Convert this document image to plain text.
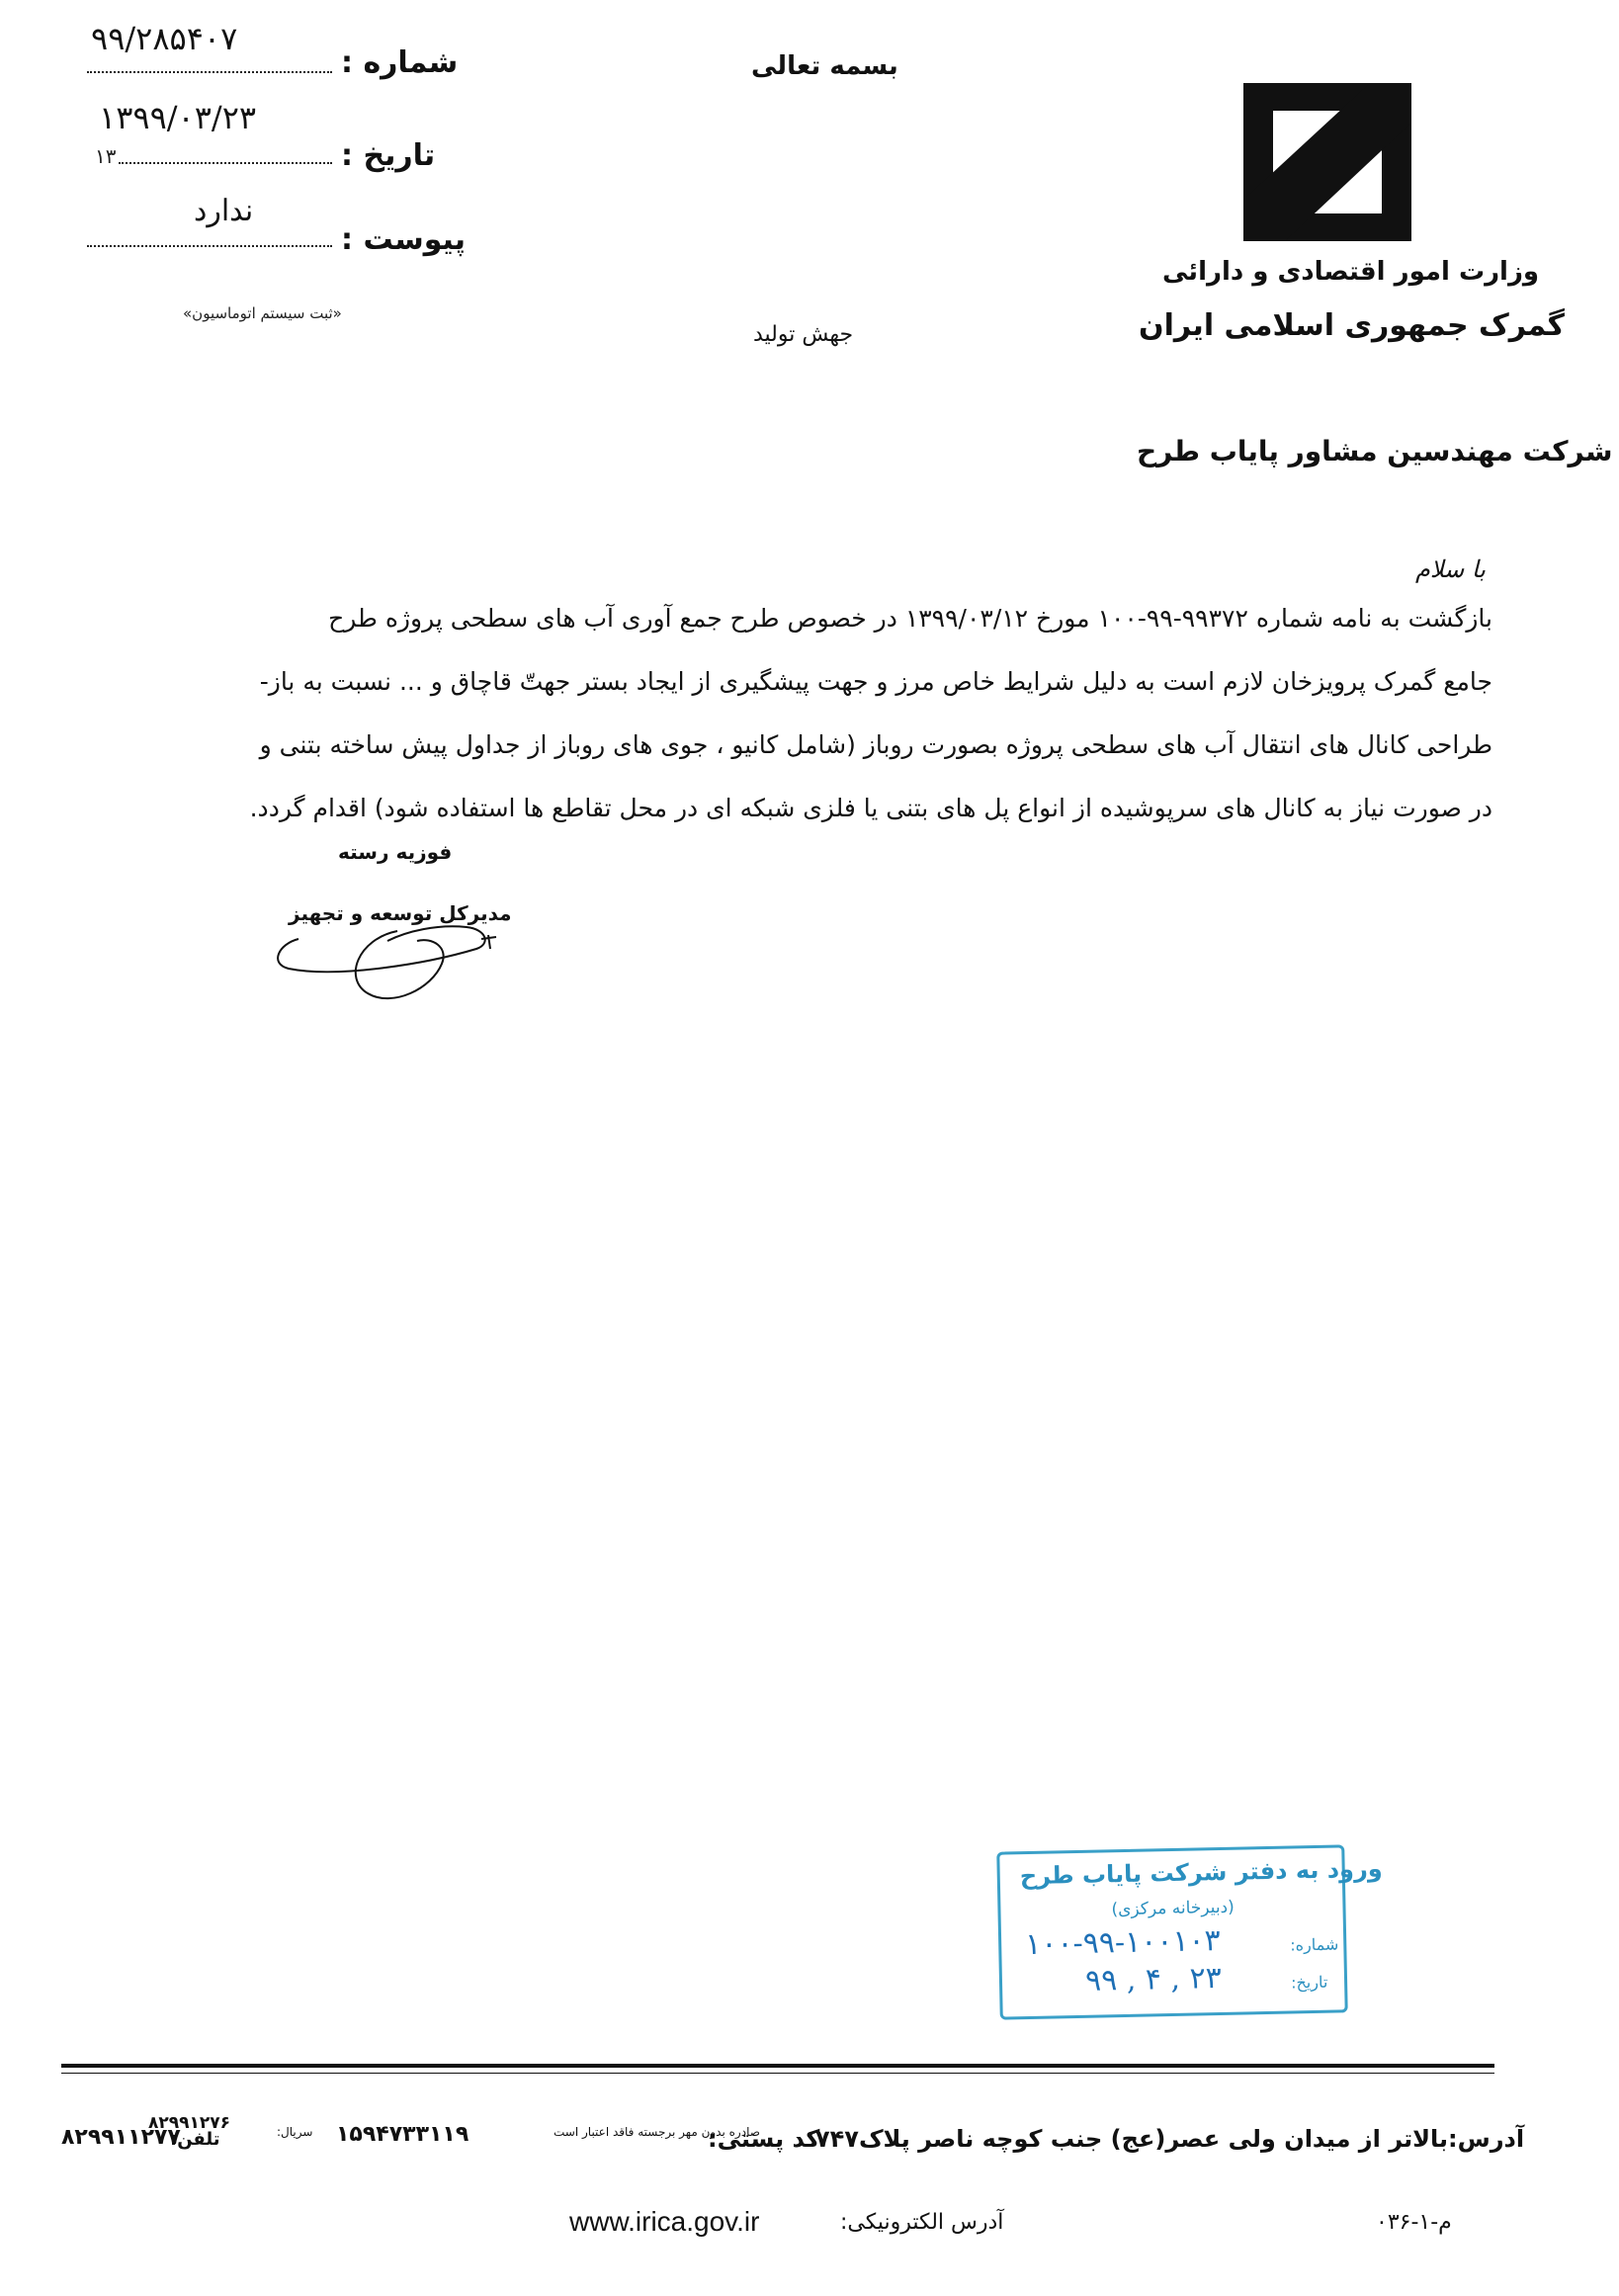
۹۹/۲۸۵۴۰۷
شماره :
۱۳۹۹/۰۳/۲۳
۱۳	تاریخ :
ندارد
پیوست :
«ثبت سیستم اتوماسیون»
بسمه تعالی
جهش تولید
وزارت امور اقتصادی و دارائی
گمرک جمهوری اسلامی ایران
شرکت مهندسین مشاور پایاب طرح
با سلام
بازگشت به نامه شماره ۹۹۳۷۲-۹۹-۱۰۰ مورخ ۱۳۹۹/۰۳/۱۲ در خصوص طرح جمع آوری آب های سطحی پروژه طرح
جامع گمرک پرویزخان لازم است به دلیل شرایط خاص مرز و جهت پیشگیری از ایجاد بستر جهتّ قاچاق و ... نسبت به باز-
طراحی کانال های انتقال آب های سطحی پروژه بصورت روباز (شامل کانیو ، جوی های روباز از جداول پیش ساخته بتنی و
در صورت نیاز به کانال های سرپوشیده از انواع پل های بتنی یا فلزی شبکه ای در محل تقاطع ها استفاده شود) اقدام گردد.
فوزیه رسته
مدیرکل توسعه و تجهیز
ورود به دفتر شرکت پایاب طرح
(دبیرخانه مرکزی)
شماره:
۱۰۰-۹۹-۱۰۰۱۰۳
تاریخ:
۹۹ , ۴ , ۲۳
آدرس:بالاتر از میدان ولی عصر(عج) جنب کوچه ناصر پلاک۷۴۷
کد پستی:
صادره بدون مهر برجسته فاقد اعتبار است
۱۵۹۴۷۳۳۱۱۹
سریال:
۸۲۹۹۱۲۷۶
تلفن:
۸۲۹۹۱۱۲۷۷
www.irica.gov.ir	آدرس الکترونیکی:	م-۱-۰۳۶
